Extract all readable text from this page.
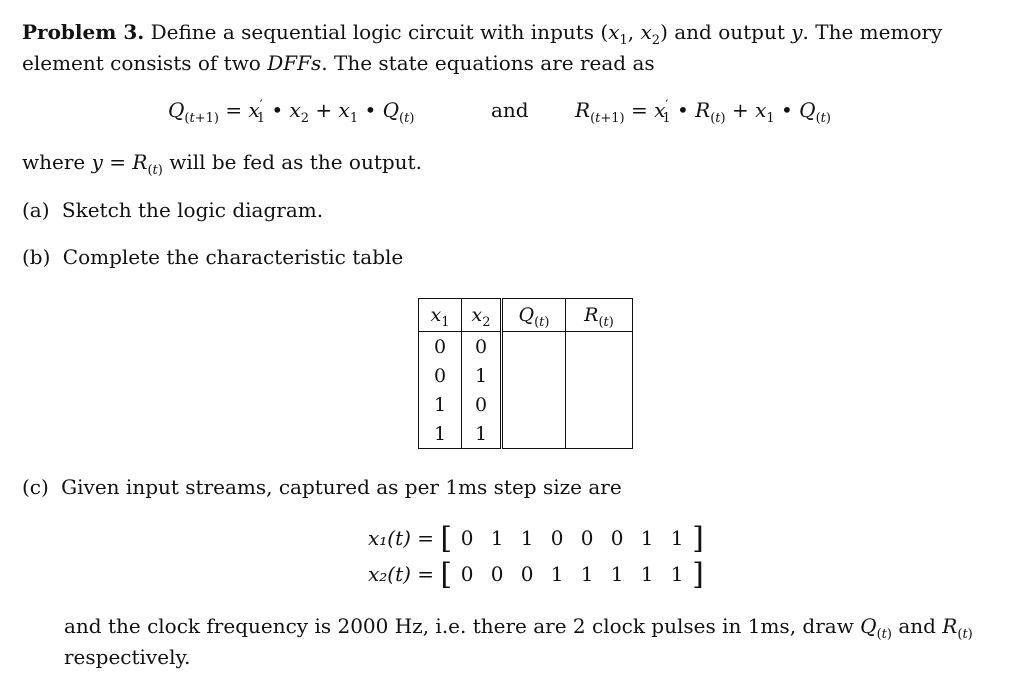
Problem 3. Define a sequential logic circuit with inputs ($x_1$, $x_2$) and output y. The memory element consists of two DFFs. The state equations are read as
$Q_{(t+1)} = x'_1$ • $x_2 + x_1$ • $Q_{(t)}$	and $R_{(t+1)} = x'_1$ • $R_{(t)} + x_1$ • $Q_{(t)}$
where $y = R_{(t)}$ will be fed as the output.
(a) Sketch the logic diagram.
(b) Complete the characteristic table
$x_1$	$x_2$	$Q_{(t)}$	$R_{(t)}$
0	0		
0	1		
1	0		
1	1		
(c) Given input streams, captured as per 1ms step size are
x₁(t) = [ 0 1 1 0 0 0 1 1 ]
x₂(t) = [ 0 0 0 1 1 1 1 1 ]
and the clock frequency is 2000 Hz, i.e. there are 2 clock pulses in 1ms, draw $Q_{(t)}$ and $R_{(t)}$
respectively.
